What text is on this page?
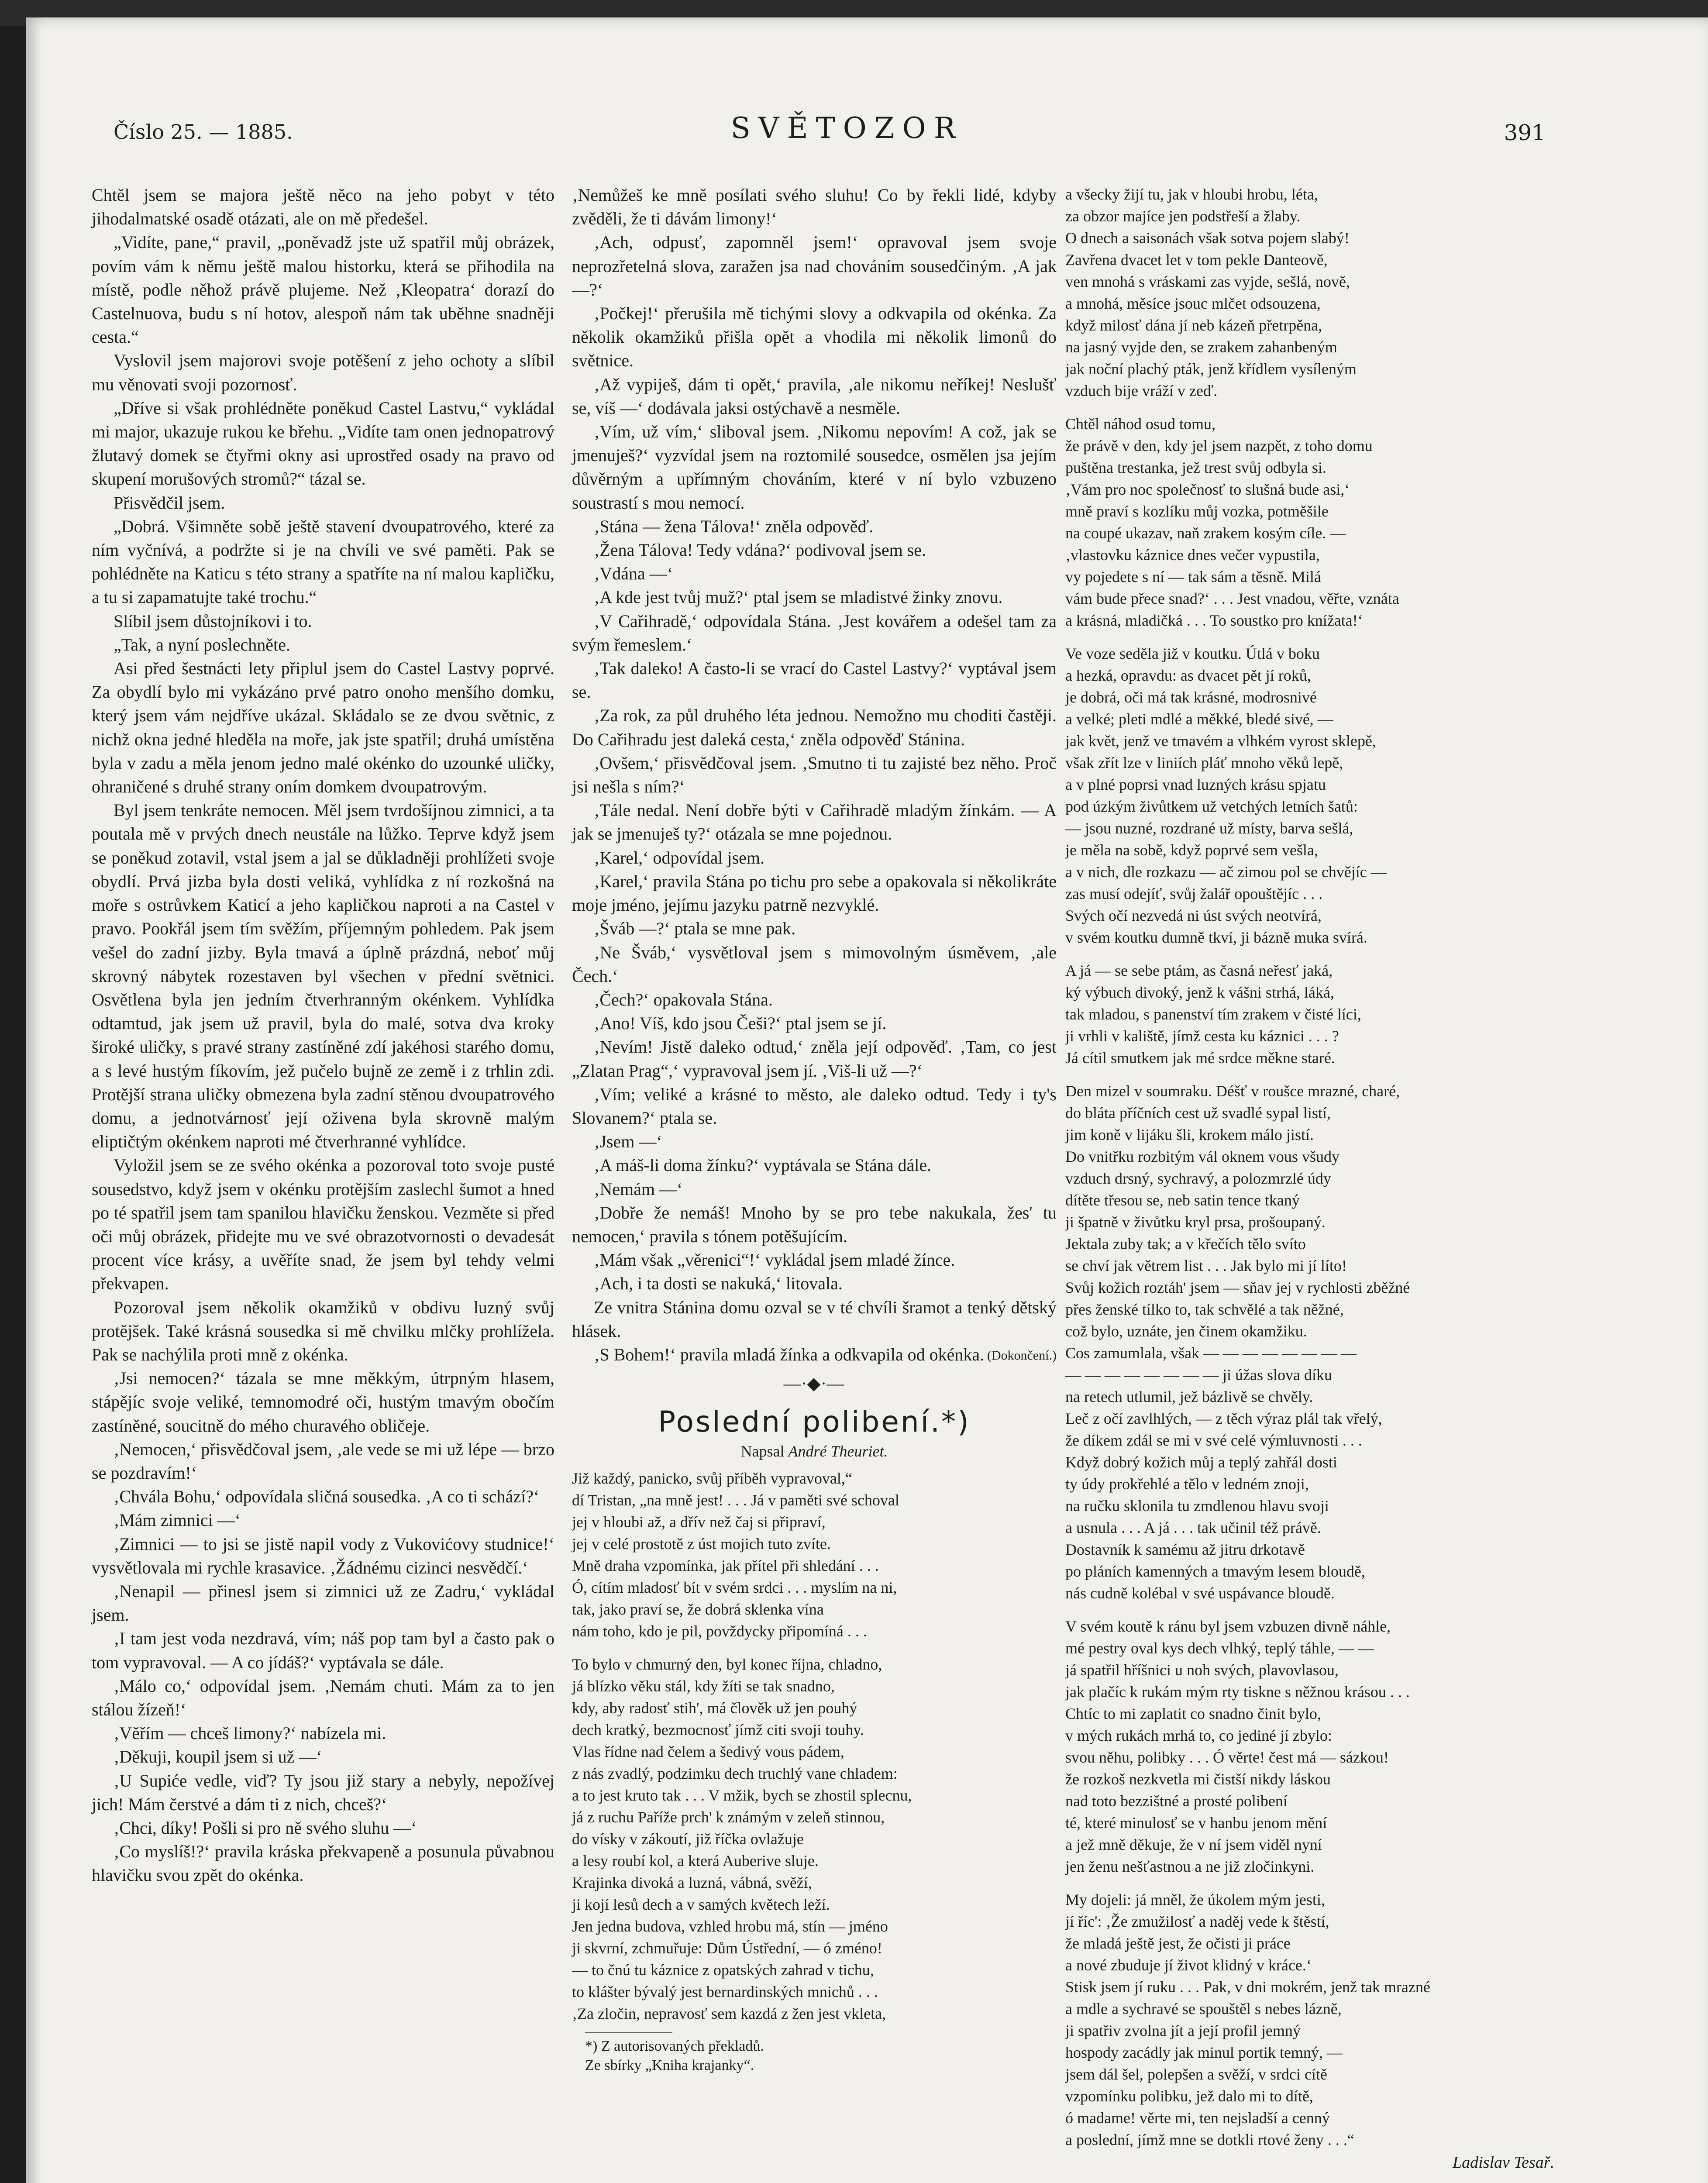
Číslo 25. — 1885.	SVĚTOZOR	391

Chtěl jsem se majora ještě něco na jeho pobyt v této jihodalmatské osadě otázati, ale on mě předešel.

„Vidíte, pane,“ pravil, „poněvadž jste už spatřil můj obrázek, povím vám k němu ještě malou historku, která se přihodila na místě, podle něhož právě plujeme. Než ‚Kleopatra‘ dorazí do Castelnuova, budu s ní hotov, alespoň nám tak uběhne snadněji cesta.“

Vyslovil jsem majorovi svoje potěšení z jeho ochoty a slíbil mu věnovati svoji pozornosť.

„Dříve si však prohlédněte poněkud Castel Lastvu,“ vykládal mi major, ukazuje rukou ke břehu. „Vidíte tam onen jednopatrový žlutavý domek se čtyřmi okny asi uprostřed osady na pravo od skupení morušových stromů?“ tázal se.

Přisvědčil jsem.

„Dobrá. Všimněte sobě ještě stavení dvoupatrového, které za ním vyčnívá, a podržte si je na chvíli ve své paměti. Pak se pohlédněte na Katicu s této strany a spatříte na ní malou kapličku, a tu si zapamatujte také trochu.“

Slíbil jsem důstojníkovi i to.

„Tak, a nyní poslechněte.

Asi před šestnácti lety připlul jsem do Castel Lastvy poprvé. Za obydlí bylo mi vykázáno prvé patro onoho menšího domku, který jsem vám nejdříve ukázal. Skládalo se ze dvou světnic, z nichž okna jedné hleděla na moře, jak jste spatřil; druhá umístěna byla v zadu a měla jenom jedno malé okénko do uzounké uličky, ohraničené s druhé strany oním domkem dvoupatrovým.

Byl jsem tenkráte nemocen. Měl jsem tvrdošíjnou zimnici, a ta poutala mě v prvých dnech neustále na lůžko. Teprve když jsem se poněkud zotavil, vstal jsem a jal se důkladněji prohlížeti svoje obydlí. Prvá jizba byla dosti veliká, vyhlídka z ní rozkošná na moře s ostrůvkem Katicí a jeho kapličkou naproti a na Castel v pravo. Pookřál jsem tím svěžím, příjemným pohledem. Pak jsem vešel do zadní jizby. Byla tmavá a úplně prázdná, neboť můj skrovný nábytek rozestaven byl všechen v přední světnici. Osvětlena byla jen jedním čtverhranným okénkem. Vyhlídka odtamtud, jak jsem už pravil, byla do malé, sotva dva kroky široké uličky, s pravé strany zastíněné zdí jakéhosi starého domu, a s levé hustým fíkovím, jež pučelo bujně ze země i z trhlin zdi. Protější strana uličky obmezena byla zadní stěnou dvoupatrového domu, a jednotvárnosť její oživena byla skrovně malým eliptičtým okénkem naproti mé čtverhranné vyhlídce.

Vyložil jsem se ze svého okénka a pozoroval toto svoje pusté sousedstvo, když jsem v okénku protějším zaslechl šumot a hned po té spatřil jsem tam spanilou hlavičku ženskou. Vezměte si před oči můj obrázek, přidejte mu ve své obrazotvornosti o devadesát procent více krásy, a uvěříte snad, že jsem byl tehdy velmi překvapen.

Pozoroval jsem několik okamžiků v obdivu luzný svůj protějšek. Také krásná sousedka si mě chvilku mlčky prohlížela. Pak se nachýlila proti mně z okénka.

‚Jsi nemocen?‘ tázala se mne měkkým, útrpným hlasem, stápějíc svoje veliké, temnomodré oči, hustým tmavým obočím zastíněné, soucitně do mého churavého obličeje.

‚Nemocen,‘ přisvědčoval jsem, ‚ale vede se mi už lépe — brzo se pozdravím!‘

‚Chvála Bohu,‘ odpovídala sličná sousedka. ‚A co ti schází?‘

‚Mám zimnici —‘

‚Zimnici — to jsi se jistě napil vody z Vukovićovy studnice!‘ vysvětlovala mi rychle krasavice. ‚Žádnému cizinci nesvědčí.‘

‚Nenapil — přinesl jsem si zimnici už ze Zadru,‘ vykládal jsem.

‚I tam jest voda nezdravá, vím; náš pop tam byl a často pak o tom vypravoval. — A co jídáš?‘ vyptávala se dále.

‚Málo co,‘ odpovídal jsem. ‚Nemám chuti. Mám za to jen stálou žízeň!‘

‚Věřím — chceš limony?‘ nabízela mi.

‚Děkuji, koupil jsem si už —‘

‚U Supiće vedle, viď? Ty jsou již stary a nebyly, nepožívej jich! Mám čerstvé a dám ti z nich, chceš?‘

‚Chci, díky! Pošli si pro ně svého sluhu —‘

‚Co myslíš!?‘ pravila kráska překvapeně a posunula půvabnou hlavičku svou zpět do okénka.

‚Nemůžeš ke mně posílati svého sluhu! Co by řekli lidé, kdyby zvěděli, že ti dávám limony!‘

‚Ach, odpusť, zapomněl jsem!‘ opravoval jsem svoje neprozřetelná slova, zaražen jsa nad chováním sousedčiným. ‚A jak —?‘

‚Počkej!‘ přerušila mě tichými slovy a odkvapila od okénka. Za několik okamžiků přišla opět a vhodila mi několik limonů do světnice.

‚Až vypiješ, dám ti opět,‘ pravila, ‚ale nikomu neříkej! Neslušť se, víš —‘ dodávala jaksi ostýchavě a nesměle.

‚Vím, už vím,‘ sliboval jsem. ‚Nikomu nepovím! A což, jak se jmenuješ?‘ vyzvídal jsem na roztomilé sousedce, osmělen jsa jejím důvěrným a upřímným chováním, které v ní bylo vzbuzeno soustrastí s mou nemocí.

‚Stána — žena Tálova!‘ zněla odpověď.

‚Žena Tálova! Tedy vdána?‘ podivoval jsem se.

‚Vdána —‘

‚A kde jest tvůj muž?‘ ptal jsem se mladistvé žinky znovu.

‚V Cařihradě,‘ odpovídala Stána. ‚Jest kovářem a odešel tam za svým řemeslem.‘

‚Tak daleko! A často-li se vrací do Castel Lastvy?‘ vyptával jsem se.

‚Za rok, za půl druhého léta jednou. Nemožno mu choditi častěji. Do Cařihradu jest daleká cesta,‘ zněla odpověď Stánina.

‚Ovšem,‘ přisvědčoval jsem. ‚Smutno ti tu zajisté bez něho. Proč jsi nešla s ním?‘

‚Tále nedal. Není dobře býti v Cařihradě mladým žínkám. — A jak se jmenuješ ty?‘ otázala se mne pojednou.

‚Karel,‘ odpovídal jsem.

‚Karel,‘ pravila Stána po tichu pro sebe a opakovala si několikráte moje jméno, jejímu jazyku patrně nezvyklé.

‚Šváb —?‘ ptala se mne pak.

‚Ne Šváb,‘ vysvětloval jsem s mimovolným úsměvem, ‚ale Čech.‘

‚Čech?‘ opakovala Stána.

‚Ano! Víš, kdo jsou Češi?‘ ptal jsem se jí.

‚Nevím! Jistě daleko odtud,‘ zněla její odpověď. ‚Tam, co jest „Zlatan Prag“,‘ vypravoval jsem jí. ‚Viš-li už —?‘

‚Vím; veliké a krásné to město, ale daleko odtud. Tedy i ty's Slovanem?‘ ptala se.

‚Jsem —‘

‚A máš-li doma žínku?‘ vyptávala se Stána dále.

‚Nemám —‘

‚Dobře že nemáš! Mnoho by se pro tebe nakukala, žes' tu nemocen,‘ pravila s tónem potěšujícím.

‚Mám však „věrenici“!‘ vykládal jsem mladé žínce.

‚Ach, i ta dosti se nakuká,‘ litovala.

Ze vnitra Stánina domu ozval se v té chvíli šramot a tenký dětský hlásek.

‚S Bohem!‘ pravila mladá žínka a odkvapila od okénka. (Dokončení.)
—∙◆∙—
Poslední polibení.*)
Napsal André Theuriet.

Již každý, panicko, svůj příběh vypravoval,“

dí Tristan, „na mně jest! . . . Já v paměti své schoval

jej v hloubi až, a dřív než čaj si připraví,

jej v celé prostotě z úst mojich tuto zvíte.

Mně draha vzpomínka, jak přítel při shledání . . .

Ó, cítím mladosť bít v svém srdci . . . myslím na ni,

tak, jako praví se, že dobrá sklenka vína

nám toho, kdo je pil, povždycky připomíná . . .

To bylo v chmurný den, byl konec října, chladno,

já blízko věku stál, kdy žíti se tak snadno,

kdy, aby radosť stih', má člověk už jen pouhý

dech kratký, bezmocnosť jímž citi svoji touhy.

Vlas řídne nad čelem a šedivý vous pádem,

z nás zvadlý, podzimku dech truchlý vane chladem:

a to jest kruto tak . . . V mžik, bych se zhostil splecnu,

já z ruchu Paříže prch' k známým v zeleň stinnou,

do vísky v zákoutí, již říčka ovlažuje

a lesy roubí kol, a která Auberive sluje.

Krajinka divoká a luzná, vábná, svěží,

ji kojí lesů dech a v samých květech leží.

Jen jedna budova, vzhled hrobu má, stín — jméno

ji skvrní, zchmuřuje: Dům Ústřední, — ó zméno!

— to čnú tu káznice z opatských zahrad v tichu,

to klášter bývalý jest bernardinských mnichů . . .

‚Za zločin, nepravosť sem kazdá z žen jest vkleta,

*) Z autorisovaných překladů.
Ze sbírky „Kniha krajanky“.

a všecky žijí tu, jak v hloubi hrobu, léta,

za obzor majíce jen podstřeší a žlaby.

O dnech a saisonách však sotva pojem slabý!

Zavřena dvacet let v tom pekle Danteově,

ven mnohá s vráskami zas vyjde, sešlá, nově,

a mnohá, měsíce jsouc mlčet odsouzena,

když milosť dána jí neb kázeň přetrpěna,

na jasný vyjde den, se zrakem zahanbeným

jak noční plachý pták, jenž křídlem vysíleným

vzduch bije vráží v zeď.

Chtěl náhod osud tomu,

že právě v den, kdy jel jsem nazpět, z toho domu

puštěna trestanka, jež trest svůj odbyla si.

‚Vám pro noc společnosť to slušná bude asi,‘

mně praví s kozlíku můj vozka, potměšile

na coupé ukazav, naň zrakem kosým cíle. —

‚vlastovku káznice dnes večer vypustila,

vy pojedete s ní — tak sám a těsně. Milá

vám bude přece snad?‘ . . . Jest vnadou, věřte, vznáta

a krásná, mladičká . . . To soustko pro knížata!‘

Ve voze seděla již v koutku. Útlá v boku

a hezká, opravdu: as dvacet pět jí roků,

je dobrá, oči má tak krásné, modrosnivé

a velké; pleti mdlé a měkké, bledé sivé, —

jak květ, jenž ve tmavém a vlhkém vyrost sklepě,

však zřít lze v liniích pláť mnoho věků lepě,

a v plné poprsi vnad luzných krásu spjatu

pod úzkým živůtkem už vetchých letních šatů:

— jsou nuzné, rozdrané už místy, barva sešlá,

je měla na sobě, když poprvé sem vešla,

a v nich, dle rozkazu — ač zimou pol se chvějíc —

zas musí odejíť, svůj žalář opouštějíc . . .

Svých očí nezvedá ni úst svých neotvírá,

v svém koutku dumně tkví, ji bázně muka svírá.

A já — se sebe ptám, as časná neřesť jaká,

ký výbuch divoký, jenž k vášni strhá, láká,

tak mladou, s panenství tím zrakem v čisté líci,

ji vrhli v kaliště, jímž cesta ku káznici . . . ?

Já cítil smutkem jak mé srdce měkne staré.

Den mizel v soumraku. Déšť v roušce mrazné, charé,

do bláta příčních cest už svadlé sypal listí,

jim koně v lijáku šli, krokem málo jistí.

Do vnitřku rozbitým vál oknem vous všudy

vzduch drsný, sychravý, a polozmrzlé údy

dítěte třesou se, neb satin tence tkaný

ji špatně v živůtku kryl prsa, prošoupaný.

Jektala zuby tak; a v křečích tělo svíto

se chví jak větrem list . . . Jak bylo mi jí líto!

Svůj kožich roztáh' jsem — sňav jej v rychlosti zběžné

přes ženské tílko to, tak schvělé a tak něžné,

což bylo, uznáte, jen činem okamžiku.

Cos zamumlala, však — — — — — — — —

— — — — — — — — ji úžas slova díku

na retech utlumil, jež bázlivě se chvěly.

Leč z očí zavlhlých, — z těch výraz plál tak vřelý,

že díkem zdál se mi v své celé výmluvnosti . . .

Když dobrý kožich můj a teplý zahřál dosti

ty údy prokřehlé a tělo v ledném znoji,

na ručku sklonila tu zmdlenou hlavu svoji

a usnula . . . A já . . . tak učinil též právě.

Dostavník k samému až jitru drkotavě

po pláních kamenných a tmavým lesem bloudě,

nás cudně kolébal v své uspávance bloudě.

V svém koutě k ránu byl jsem vzbuzen divně náhle,

mé pestry oval kys dech vlhký, teplý táhle, — —

já spatřil hříšnici u noh svých, plavovlasou,

jak plačíc k rukám mým rty tiskne s něžnou krásou . . .

Chtíc to mi zaplatit co snadno činit bylo,

v mých rukách mrhá to, co jediné jí zbylo:

svou něhu, polibky . . . Ó věrte! čest má — sázkou!

že rozkoš nezkvetla mi čistší nikdy láskou

nad toto bezzištné a prosté polibení

té, které minulosť se v hanbu jenom mění

a jež mně děkuje, že v ní jsem viděl nyní

jen ženu nešťastnou a ne již zločinkyni.

My dojeli: já mněl, že úkolem mým jesti,

jí říc': ‚Že zmužilosť a naděj vede k štěstí,

že mladá ještě jest, že očisti ji práce

a nové zbuduje jí život klidný v kráce.‘

Stisk jsem jí ruku . . . Pak, v dni mokrém, jenž tak mrazné

a mdle a sychravé se spouštěl s nebes lázně,

ji spatřiv zvolna jít a její profil jemný

hospody zacádly jak minul portik temný, —

jsem dál šel, polepšen a svěží, v srdci cítě

vzpomínku polibku, jež dalo mi to dítě,

ó madame! věrte mi, ten nejsladší a cenný

a poslední, jímž mne se dotkli rtové ženy . . .“

Ladislav Tesař.
